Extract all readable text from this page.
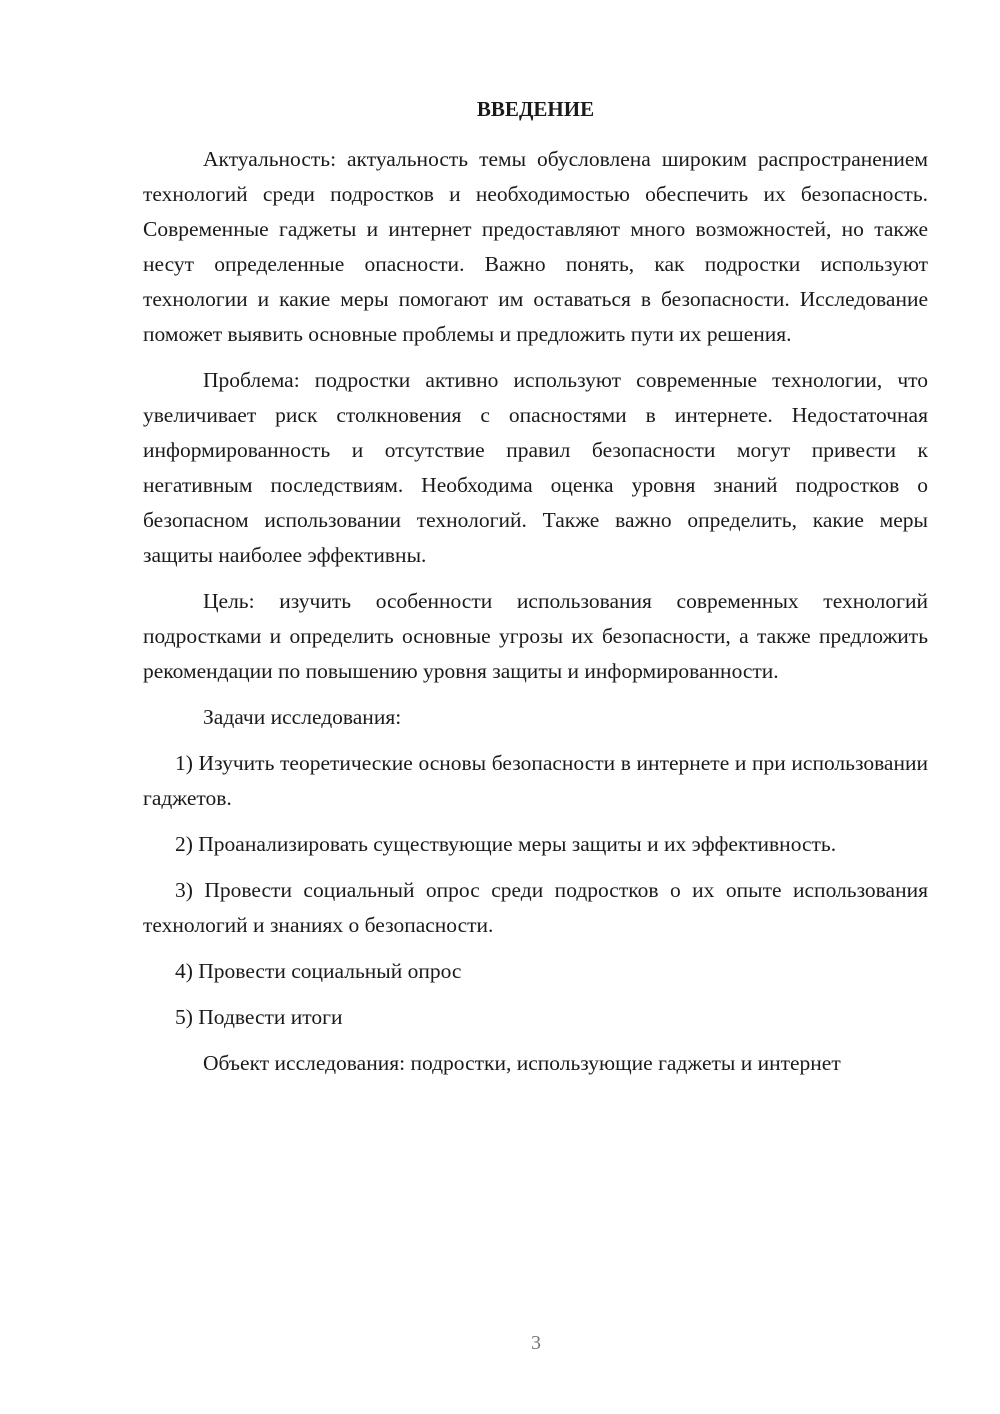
ВВЕДЕНИЕ

Актуальность: актуальность темы обусловлена широким распространением технологий среди подростков и необходимостью обеспечить их безопасность. Современные гаджеты и интернет предоставляют много возможностей, но также несут определенные опасности. Важно понять, как подростки используют технологии и какие меры помогают им оставаться в безопасности. Исследование поможет выявить основные проблемы и предложить пути их решения.

Проблема: подростки активно используют современные технологии, что увеличивает риск столкновения с опасностями в интернете. Недостаточная информированность и отсутствие правил безопасности могут привести к негативным последствиям. Необходима оценка уровня знаний подростков о безопасном использовании технологий. Также важно определить, какие меры защиты наиболее эффективны.

Цель: изучить особенности использования современных технологий подростками и определить основные угрозы их безопасности, а также предложить рекомендации по повышению уровня защиты и информированности.

Задачи исследования:

1) Изучить теоретические основы безопасности в интернете и при использовании гаджетов.

2) Проанализировать существующие меры защиты и их эффективность.

3) Провести социальный опрос среди подростков о их опыте использования технологий и знаниях о безопасности.

4) Провести социальный опрос

5) Подвести итоги

Объект исследования: подростки, использующие гаджеты и интернет

3
